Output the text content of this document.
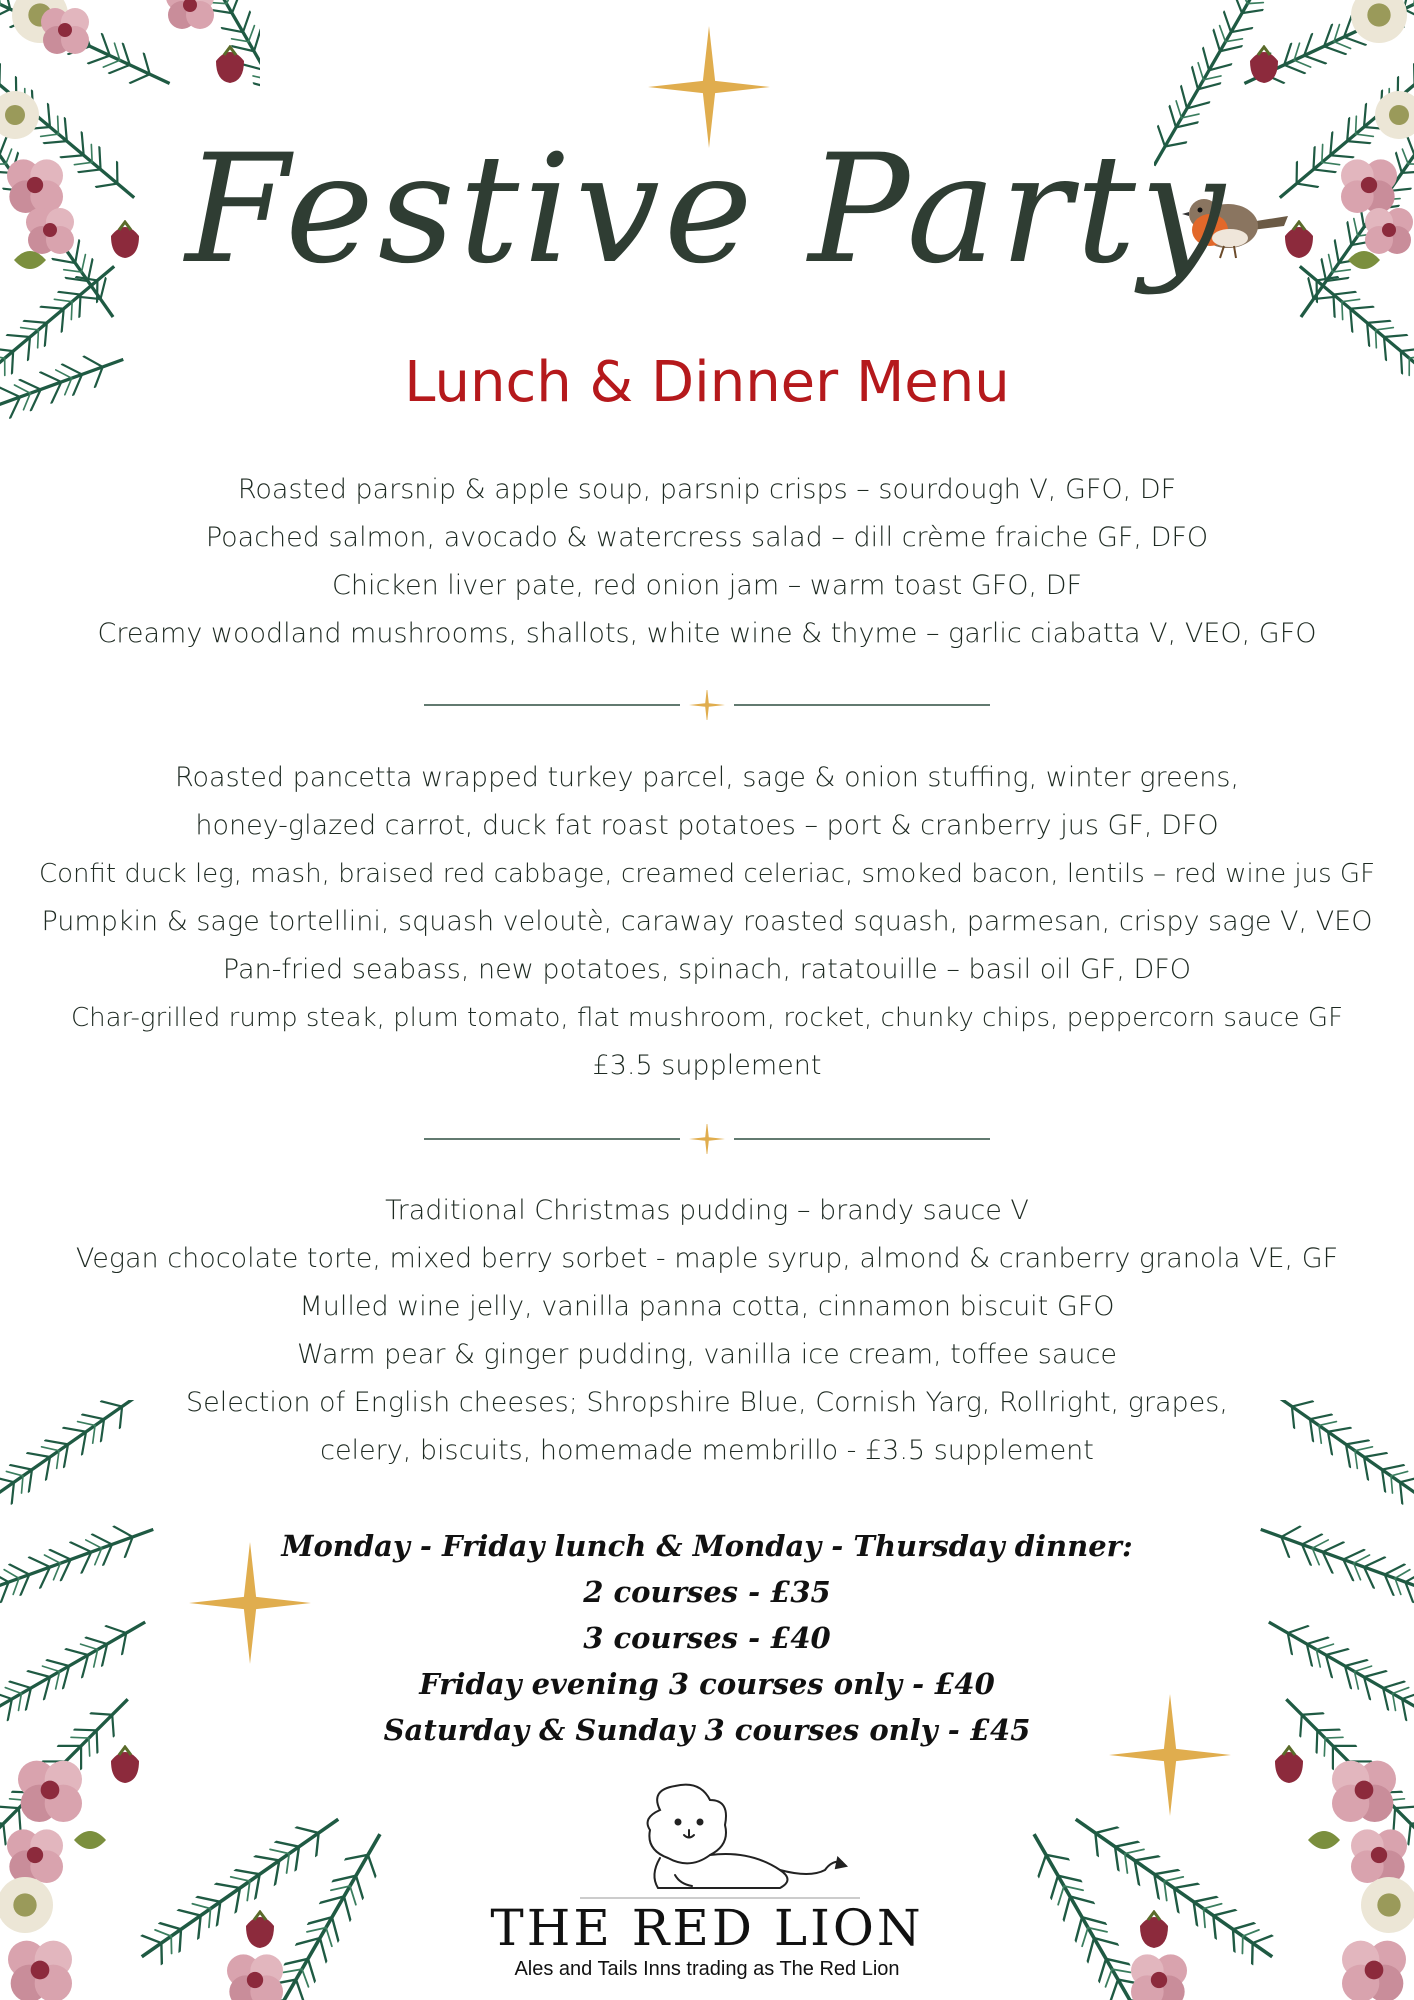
Festive Party
Lunch & Dinner Menu
Roasted parsnip & apple soup, parsnip crisps – sourdough V, GFO, DF
Poached salmon, avocado & watercress salad – dill crème fraiche GF, DFO
Chicken liver pate, red onion jam – warm toast GFO, DF
Creamy woodland mushrooms, shallots, white wine & thyme – garlic ciabatta V, VEO, GFO
Roasted pancetta wrapped turkey parcel, sage & onion stuffing, winter greens,
honey-glazed carrot, duck fat roast potatoes – port & cranberry jus GF, DFO
Confit duck leg, mash, braised red cabbage, creamed celeriac, smoked bacon, lentils – red wine jus GF
Pumpkin & sage tortellini, squash veloutè, caraway roasted squash, parmesan, crispy sage V, VEO
Pan-fried seabass, new potatoes, spinach, ratatouille – basil oil GF, DFO
Char-grilled rump steak, plum tomato, flat mushroom, rocket, chunky chips, peppercorn sauce GF
£3.5 supplement
Traditional Christmas pudding – brandy sauce V
Vegan chocolate torte, mixed berry sorbet - maple syrup, almond & cranberry granola VE, GF
Mulled wine jelly, vanilla panna cotta, cinnamon biscuit GFO
Warm pear & ginger pudding, vanilla ice cream, toffee sauce
Selection of English cheeses; Shropshire Blue, Cornish Yarg, Rollright, grapes,
celery, biscuits, homemade membrillo - £3.5 supplement
Monday - Friday lunch & Monday - Thursday dinner:
2 courses - £35
3 courses - £40
Friday evening 3 courses only - £40
Saturday & Sunday 3 courses only - £45
THE RED LION
Ales and Tails Inns trading as The Red Lion
